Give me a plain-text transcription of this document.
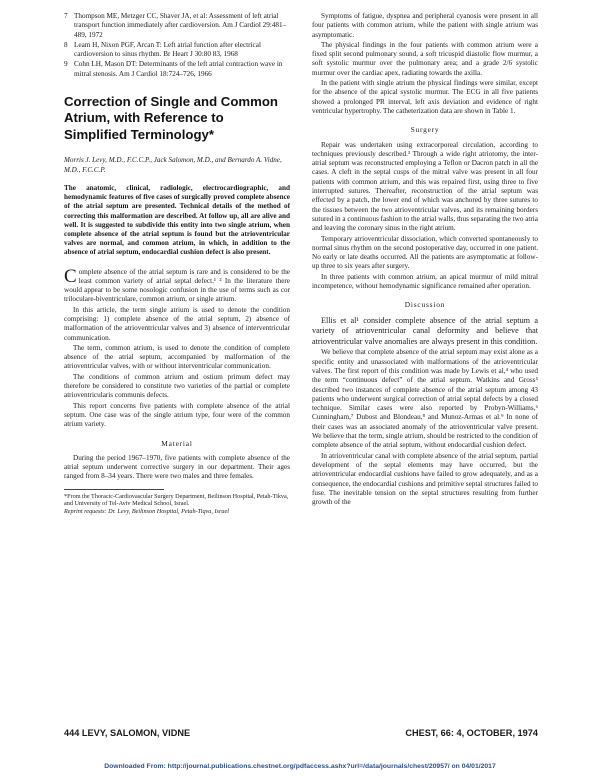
7 Thompson ME, Metzger CC, Shaver JA, et al: Assessment of left atrial transport function immediately after cardioversion. Am J Cardiol 29:481–489, 1972
8 Leam H, Nixon PGF, Arcan T: Left atrial function after electrical cardioversion to sinus rhythm. Br Heart J 30:80 83, 1968
9 Cohn LH, Mason DT: Determinants of the left atrial contraction wave in mitral stenosis. Am J Cardiol 18:724–726, 1966
Correction of Single and Common Atrium, with Reference to Simplified Terminology*
Morris J. Levy, M.D., F.C.C.P., Jack Salomon, M.D., and Bernardo A. Vidne, M.D., F.C.C.P.
The anatomic, clinical, radiologic, electrocardiographic, and hemodynamic features of five cases of surgically proved complete absence of the atrial septum are presented. Technical details of the method of correcting this malformation are described. At follow up, all are alive and well. It is suggested to subdivide this entity into two single atrium, when complete absence of the atrial septum is found but the atrioventricular valves are normal, and common atrium, in which, in addition to the absence of atrial septum, endocardial cushion defect is also present.

Complete absence of the atrial septum is rare and is considered to be the least common variety of atrial septal defect.¹ ² In the literature there would appear to be some nosologic confusion in the use of terms such as cor triloculare-biventriculare, common atrium, or single atrium.

In this article, the term single atrium is used to denote the condition comprising: 1) complete absence of the atrial septum, 2) absence of malformation of the atrioventricular valves and 3) absence of interventricular communication.

The term, common atrium, is used to denote the condition of complete absence of the atrial septum, accompanied by malformation of the atrioventricular valves, with or without interventricular communication.

The conditions of common atrium and ostium primum defect may therefore be considered to constitute two varieties of the partial or complete atrioventricularis communis defects.

This report concerns five patients with complete absence of the atrial septum. One case was of the single atrium type, four were of the common atrium variety.

Material

During the period 1967–1970, five patients with complete absence of the atrial septum underwent corrective surgery in our department. Their ages ranged from 8–34 years. There were two males and three females.

*From the Thoracic-Cardiovascular Surgery Department, Beilinson Hospital, Petah-Tikva, and University of Tel-Aviv Medical School, Israel.
Reprint requests: Dr. Levy, Beilinson Hospital, Petah-Tiqva, Israel

Symptoms of fatigue, dyspnea and peripheral cyanosis were present in all four patients with common atrium, while the patient with single atrium was asymptomatic.

The physical findings in the four patients with common atrium were a fixed split second pulmonary sound, a soft tricuspid diastolic flow murmur, a soft systolic murmur over the pulmonary area; and a grade 2/6 systolic murmur over the cardiac apex, radiating towards the axilla.

In the patient with single atrium the physical findings were similar, except for the absence of the apical systolic murmur. The ECG in all five patients showed a prolonged PR interval, left axis deviation and evidence of right ventricular hypertrophy. The catheterization data are shown in Table 1.

Surgery

Repair was undertaken using extracorporeal circulation, according to techniques previously described.³ Through a wide right atriotomy, the inter-atrial septum was reconstructed employing a Teflon or Dacron patch in all the cases. A cleft in the septal cusps of the mitral valve was present in all four patients with common atrium, and this was repaired first, using three to five interrupted sutures. Thereafter, reconstruction of the atrial septum was effected by a patch, the lower end of which was anchored by three sutures to the tissues between the two atrioventricular valves, and its remaining borders sutured in a continuous fashion to the atrial walls, thus separating the two atria and leaving the coronary sinus in the right atrium.

Temporary atrioventricular dissociation, which converted spontaneously to normal sinus rhythm on the second postoperative day, occurred in one patient. No early or late deaths occurred. All the patients are asymptomatic at follow-up three to six years after surgery.

In three patients with common atrium, an apical murmur of mild mitral incompetence, without hemodynamic significance remained after operation.

Discussion

Ellis et al¹ consider complete absence of the atrial septum a variety of atrioventricular canal deformity and believe that atrioventricular valve anomalies are always present in this condition.

We believe that complete absence of the atrial septum may exist alone as a specific entity and unassociated with malformations of the atrioventricular valves. The first report of this condition was made by Lewis et al,⁴ who used the term “continuous defect” of the atrial septum. Watkins and Gross⁵ described two instances of complete absence of the atrial septum among 43 patients who underwent surgical correction of atrial septal defects by a closed technique. Similar cases were also reported by Probyn-Williams,⁶ Cunningham,⁷ Dubost and Blondeau,⁸ and Munoz-Armas et al.⁹ In none of their cases was an associated anomaly of the atrioventricular valve present. We believe that the term, single atrium, should be restricted to the condition of complete absence of the atrial septum, without endocardial cushion defect.

In atrioventricular canal with complete absence of the atrial septum, partial development of the septal elements may have occurred, but the atrioventricular endocardial cushions have failed to grow adequately, and as a consequence, the endocardial cushions and primitive septal structures failed to fuse. The inevitable tension on the septal structures resulting from further growth of the

444 LEVY, SALOMON, VIDNE	CHEST, 66: 4, OCTOBER, 1974
Downloaded From: http://journal.publications.chestnet.org/pdfaccess.ashx?url=/data/journals/chest/20957/ on 04/01/2017
